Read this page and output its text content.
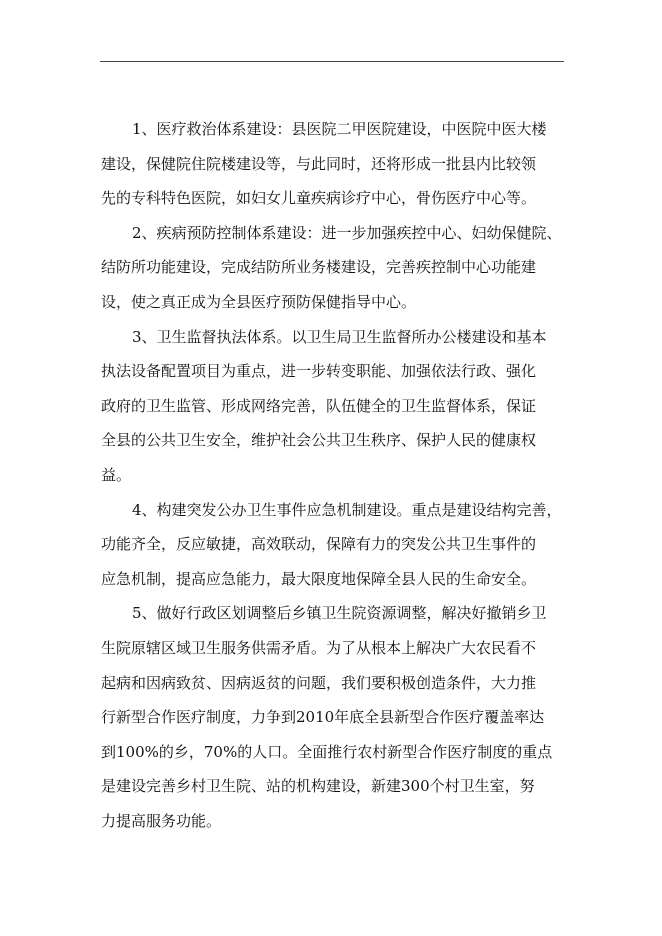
1、医疗救治体系建设：县医院二甲医院建设，中医院中医大楼
建设，保健院住院楼建设等，与此同时，还将形成一批县内比较领
先的专科特色医院，如妇女儿童疾病诊疗中心，骨伤医疗中心等。
2、疾病预防控制体系建设：进一步加强疾控中心、妇幼保健院、
结防所功能建设，完成结防所业务楼建设，完善疾控制中心功能建
设，使之真正成为全县医疗预防保健指导中心。
3、卫生监督执法体系。以卫生局卫生监督所办公楼建设和基本
执法设备配置项目为重点，进一步转变职能、加强依法行政、强化
政府的卫生监管、形成网络完善，队伍健全的卫生监督体系，保证
全县的公共卫生安全，维护社会公共卫生秩序、保护人民的健康权
益。
4、构建突发公办卫生事件应急机制建设。重点是建设结构完善，
功能齐全，反应敏捷，高效联动，保障有力的突发公共卫生事件的
应急机制，提高应急能力，最大限度地保障全县人民的生命安全。
5、做好行政区划调整后乡镇卫生院资源调整，解决好撤销乡卫
生院原辖区域卫生服务供需矛盾。为了从根本上解决广大农民看不
起病和因病致贫、因病返贫的问题，我们要积极创造条件，大力推
行新型合作医疗制度，力争到2010年底全县新型合作医疗覆盖率达
到100%的乡，70%的人口。全面推行农村新型合作医疗制度的重点
是建设完善乡村卫生院、站的机构建设，新建300个村卫生室，努
力提高服务功能。
